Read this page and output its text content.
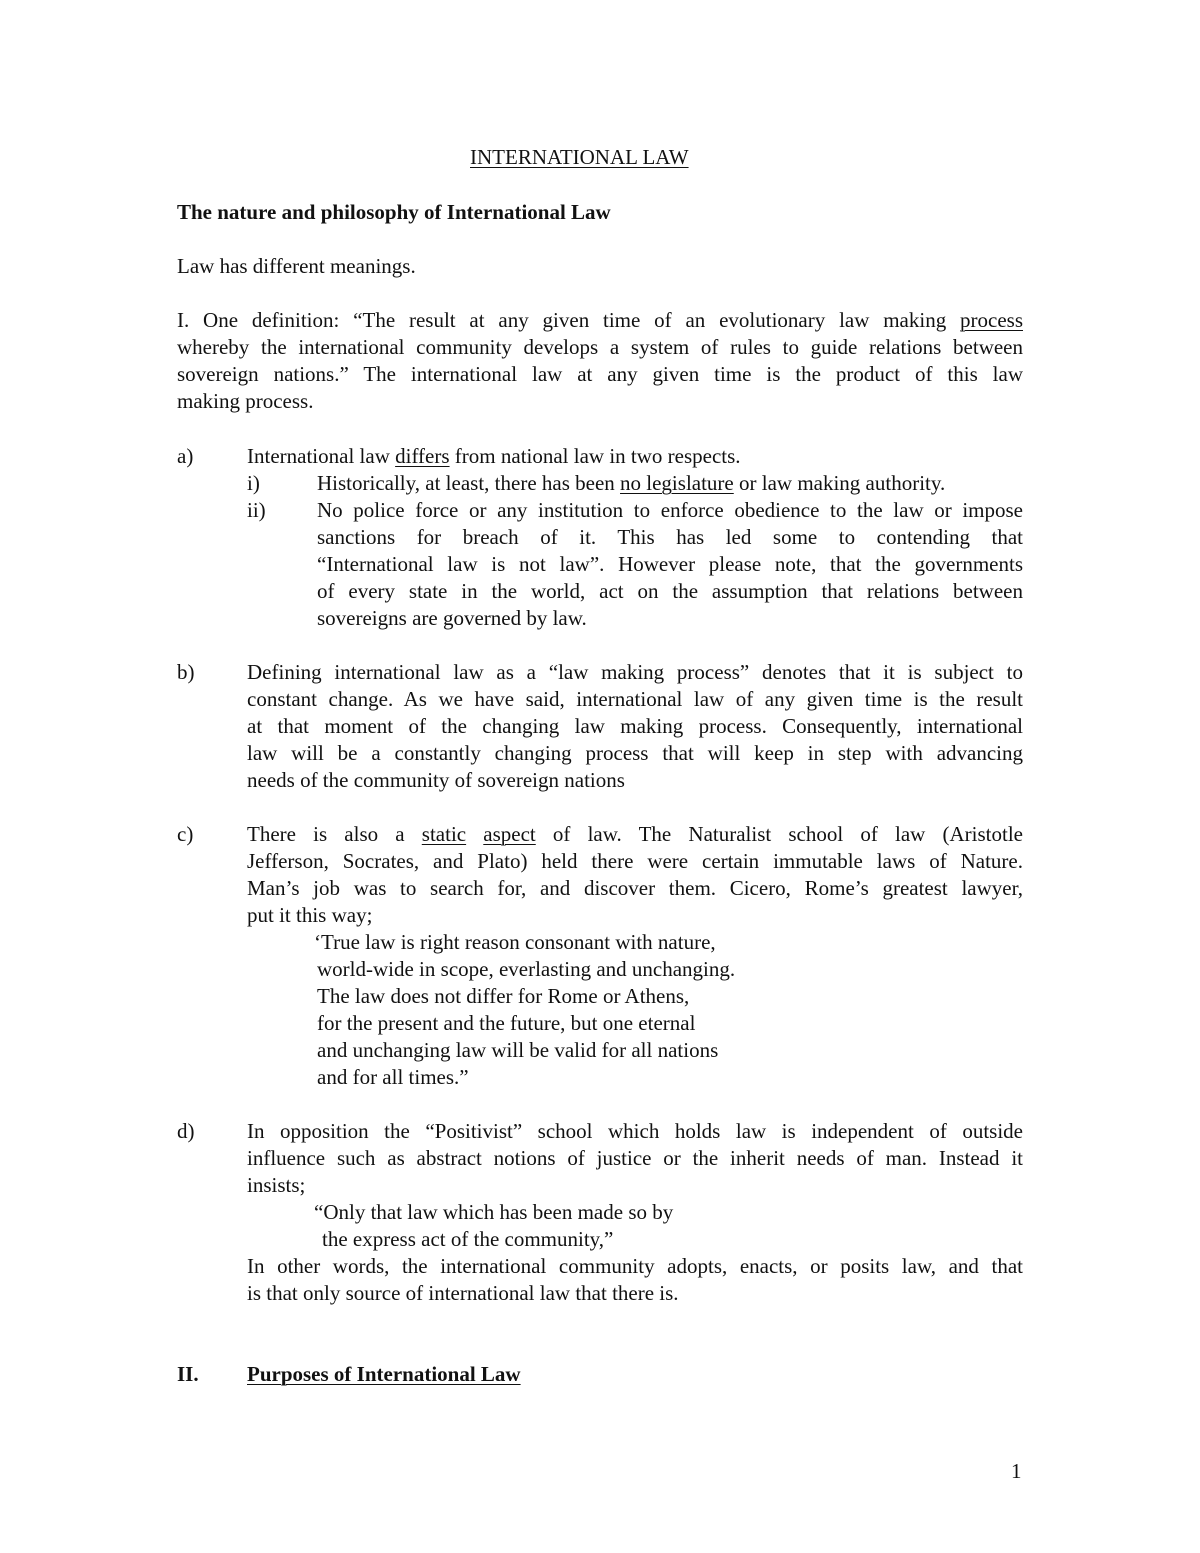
INTERNATIONAL LAW
The nature and philosophy of International Law
Law has different meanings.
I. One definition: “The result at any given time of an evolutionary law making process
whereby the international community develops a system of rules to guide relations between
sovereign nations.” The international law at any given time is the product of this law
making process.
a)	International law differs from national law in two respects.
i)	Historically, at least, there has been no legislature or law making authority.
ii) No police force or any institution to enforce obedience to the law or impose
sanctions for breach of it. This has led some to contending that
“International law is not law”. However please note, that the governments
of every state in the world, act on the assumption that relations between
sovereigns are governed by law.
b)	Defining international law as a “law making process” denotes that it is subject to
constant change. As we have said, international law of any given time is the result
at that moment of the changing law making process. Consequently, international
law will be a constantly changing process that will keep in step with advancing
needs of the community of sovereign nations
c)	There is also a static aspect of law. The Naturalist school of law (Aristotle
Jefferson, Socrates, and Plato) held there were certain immutable laws of Nature.
Man’s job was to search for, and discover them. Cicero, Rome’s greatest lawyer,
put it this way;
‘True law is right reason consonant with nature,
world-wide in scope, everlasting and unchanging.
The law does not differ for Rome or Athens,
for the present and the future, but one eternal
and unchanging law will be valid for all nations
and for all times.”
d)	In opposition the “Positivist” school which holds law is independent of outside
influence such as abstract notions of justice or the inherit needs of man. Instead it
insists;
“Only that law which has been made so by
the express act of the community,”
In other words, the international community adopts, enacts, or posits law, and that
is that only source of international law that there is.
II. Purposes of International Law
1
